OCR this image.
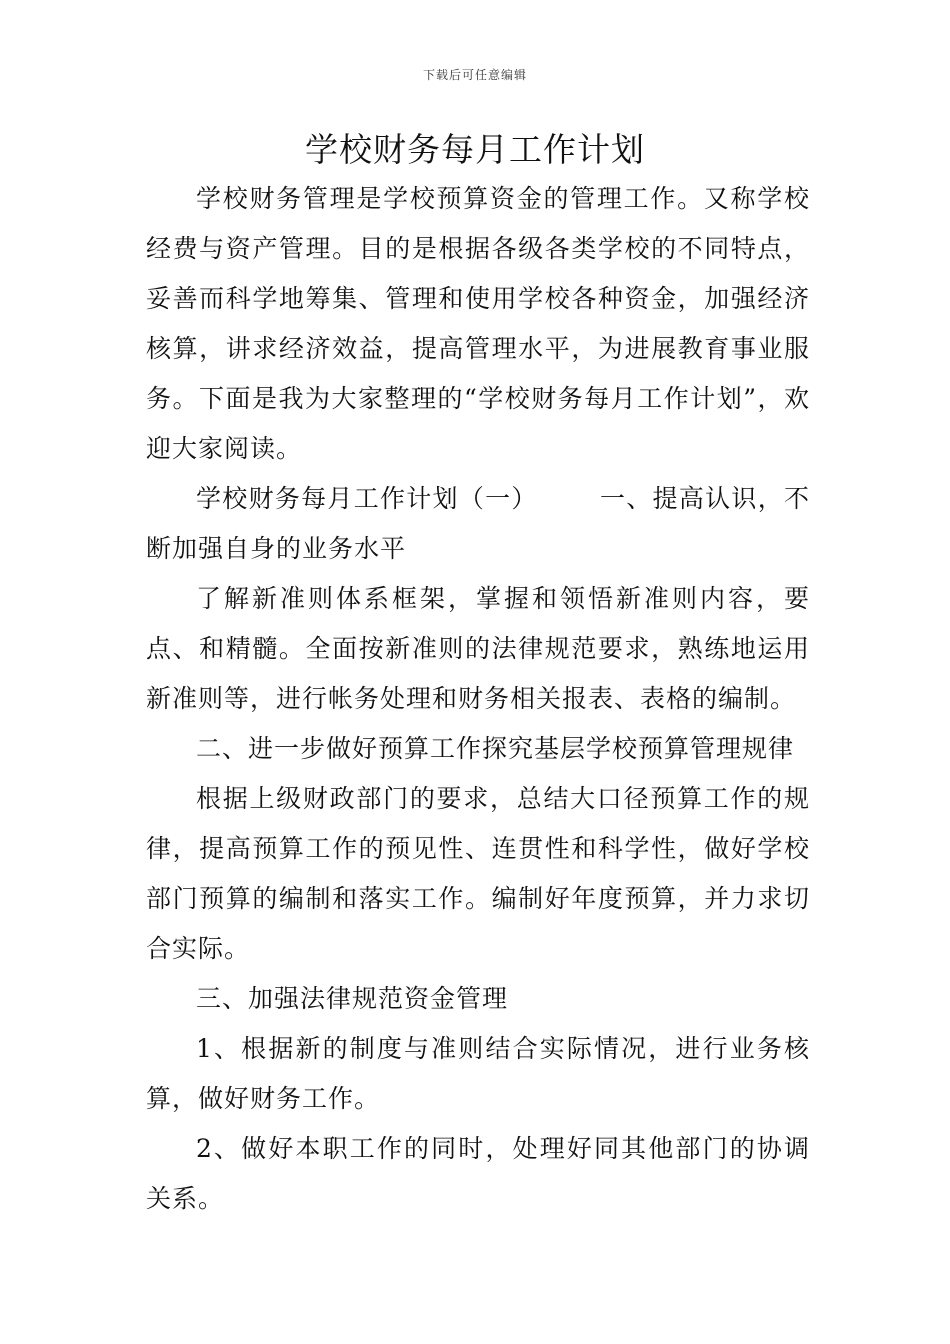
下载后可任意编辑
学校财务每月工作计划

学校财务管理是学校预算资金的管理工作。又称学校经费与资产管理。目的是根据各级各类学校的不同特点，妥善而科学地筹集、管理和使用学校各种资金，加强经济核算，讲求经济效益，提高管理水平，为进展教育事业服务。下面是我为大家整理的“学校财务每月工作计划”，欢迎大家阅读。

学校财务每月工作计划（一） 一、提高认识，不断加强自身的业务水平

了解新准则体系框架，掌握和领悟新准则内容，要点、和精髓。全面按新准则的法律规范要求，熟练地运用新准则等，进行帐务处理和财务相关报表、表格的编制。

二、进一步做好预算工作探究基层学校预算管理规律

根据上级财政部门的要求，总结大口径预算工作的规律，提高预算工作的预见性、连贯性和科学性，做好学校部门预算的编制和落实工作。编制好年度预算，并力求切合实际。

三、加强法律规范资金管理

1、根据新的制度与准则结合实际情况，进行业务核算，做好财务工作。

2、做好本职工作的同时，处理好同其他部门的协调关系。
